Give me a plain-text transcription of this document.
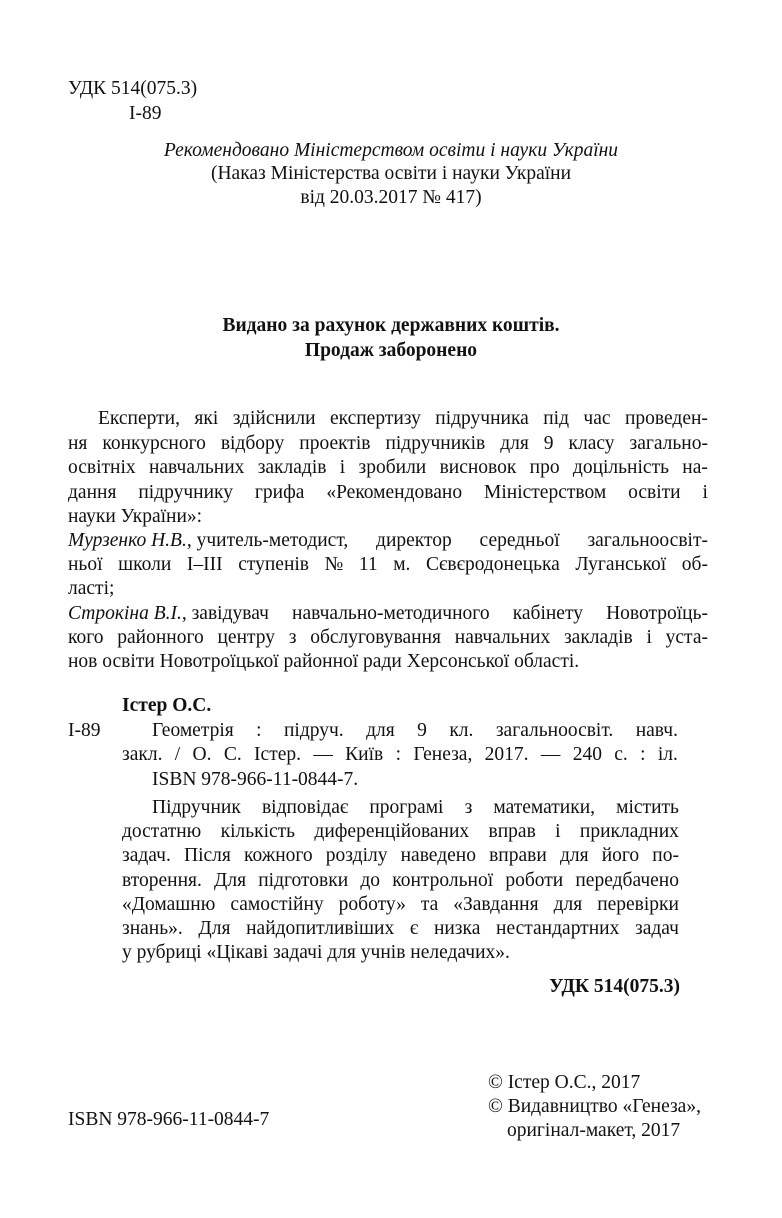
УДК 514(075.3)
І-89
Рекомендовано Міністерством освіти і науки України
(Наказ Міністерства освіти і науки України
від 20.03.2017 № 417)
Видано за рахунок державних коштів.
Продаж заборонено
Експерти, які здійснили експертизу підручника під час проведен-
ня конкурсного відбору проектів підручників для 9 класу загально-
освітніх навчальних закладів і зробили висновок про доцільність на-
дання підручнику грифа «Рекомендовано Міністерством освіти і
науки України»:
Мурзенко Н.В. , учитель-методист, директор середньої загальноосвіт-
ньої школи І–ІІІ ступенів № 11 м. Сєвєродонецька Луганської об-
ласті;
Строкіна В.І. , завідувач навчально-методичного кабінету Новотроїць-
кого районного центру з обслуговування навчальних закладів і уста-
нов освіти Новотроїцької районної ради Херсонської області.
Істер О.С.
І-89	Геометрія : підруч. для 9 кл. загальноосвіт. навч.
закл. / О. С. Істер. — Київ : Генеза, 2017. — 240 с. : іл.
ISBN 978-966-11-0844-7.
Підручник відповідає програмі з математики, містить
достатню кількість диференційованих вправ і прикладних
задач. Після кожного розділу наведено вправи для його по-
вторення. Для підготовки до контрольної роботи передбачено
«Домашню самостійну роботу» та «Завдання для перевірки
знань». Для найдопитливіших є низка нестандартних задач
у рубриці «Цікаві задачі для учнів неледачих».
УДК 514(075.3)
ISBN 978-966-11-0844-7
© Істер О.С., 2017
© Видавництво «Генеза»,
оригінал-макет, 2017
